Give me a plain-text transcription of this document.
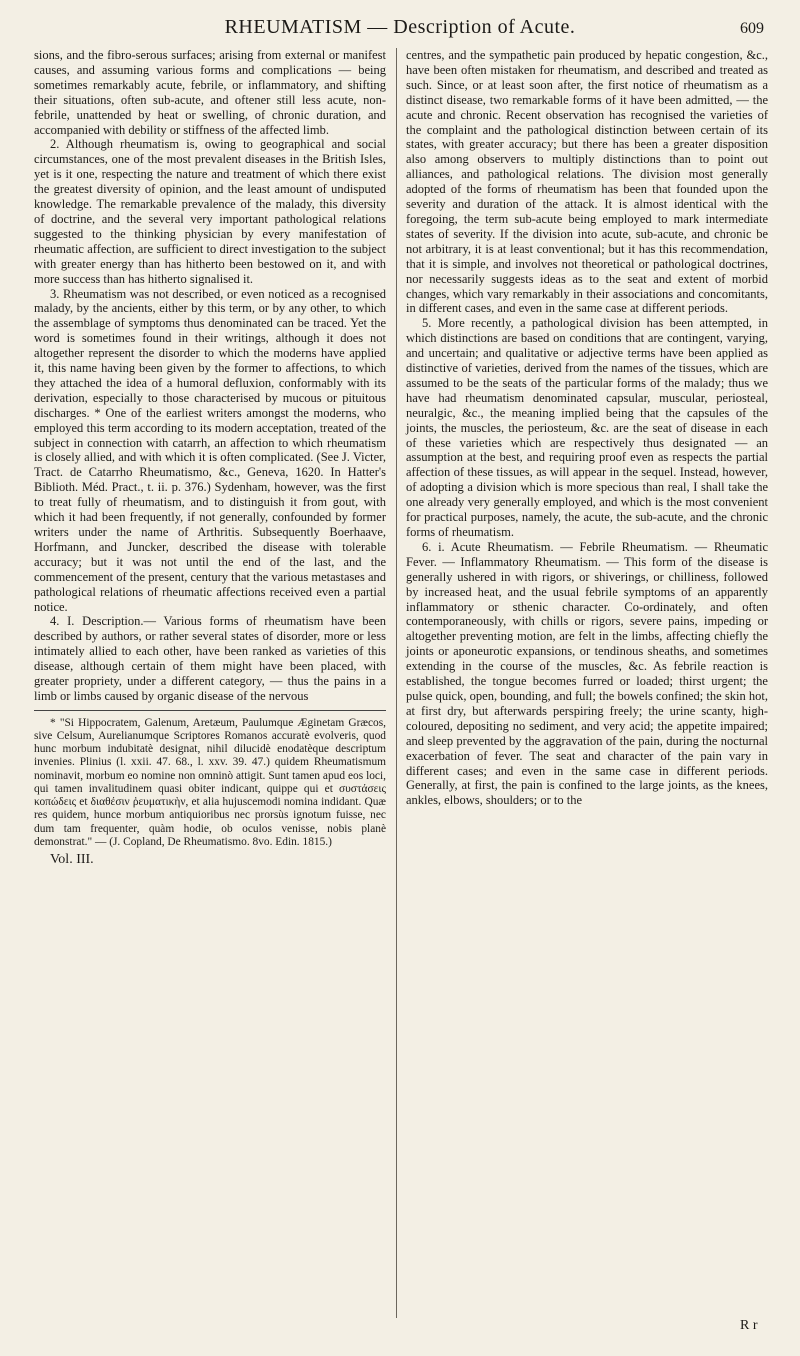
RHEUMATISM — Description of Acute.	609

sions, and the fibro-serous surfaces; arising from external or manifest causes, and assuming various forms and complications — being sometimes remarkably acute, febrile, or inflammatory, and shifting their situations, often sub-acute, and oftener still less acute, non-febrile, unattended by heat or swelling, of chronic duration, and accompanied with debility or stiffness of the affected limb.

2. Although rheumatism is, owing to geographical and social circumstances, one of the most prevalent diseases in the British Isles, yet is it one, respecting the nature and treatment of which there exist the greatest diversity of opinion, and the least amount of undisputed knowledge. The remarkable prevalence of the malady, this diversity of doctrine, and the several very important pathological relations suggested to the thinking physician by every manifestation of rheumatic affection, are sufficient to direct investigation to the subject with greater energy than has hitherto been bestowed on it, and with more success than has hitherto signalised it.

3. Rheumatism was not described, or even noticed as a recognised malady, by the ancients, either by this term, or by any other, to which the assemblage of symptoms thus denominated can be traced. Yet the word is sometimes found in their writings, although it does not altogether represent the disorder to which the moderns have applied it, this name having been given by the former to affections, to which they attached the idea of a humoral defluxion, conformably with its derivation, especially to those characterised by mucous or pituitous discharges. * One of the earliest writers amongst the moderns, who employed this term according to its modern acceptation, treated of the subject in connection with catarrh, an affection to which rheumatism is closely allied, and with which it is often complicated. (See J. Victer, Tract. de Catarrho Rheumatismo, &c., Geneva, 1620. In Hatter's Biblioth. Méd. Pract., t. ii. p. 376.) Sydenham, however, was the first to treat fully of rheumatism, and to distinguish it from gout, with which it had been frequently, if not generally, confounded by former writers under the name of Arthritis. Subsequently Boerhaave, Horfmann, and Juncker, described the disease with tolerable accuracy; but it was not until the end of the last, and the commencement of the present, century that the various metastases and pathological relations of rheumatic affections received even a partial notice.

4. I. Description.— Various forms of rheumatism have been described by authors, or rather several states of disorder, more or less intimately allied to each other, have been ranked as varieties of this disease, although certain of them might have been placed, with greater propriety, under a different category, — thus the pains in a limb or limbs caused by organic disease of the nervous

* "Si Hippocratem, Galenum, Aretæum, Paulumque Æginetam Græcos, sive Celsum, Aurelianumque Scriptores Romanos accuratè evolveris, quod hunc morbum indubitatè designat, nihil dilucidè enodatèque descriptum invenies. Plinius (l. xxii. 47. 68., l. xxv. 39. 47.) quidem Rheumatismum nominavit, morbum eo nomine non omninò attigit. Sunt tamen apud eos loci, qui tamen invalitudinem quasi obiter indicant, quippe qui et συστάσεις κοπώδεις et διαθέσιν ῥευματικὴν, et alia hujuscemodi nomina indidant. Quæ res quidem, hunce morbum antiquioribus nec prorsùs ignotum fuisse, nec dum tam frequenter, quàm hodie, ob oculos venisse, nobis planè demonstrat." — (J. Copland, De Rheumatismo. 8vo. Edin. 1815.)

Vol. III.

centres, and the sympathetic pain produced by hepatic congestion, &c., have been often mistaken for rheumatism, and described and treated as such. Since, or at least soon after, the first notice of rheumatism as a distinct disease, two remarkable forms of it have been admitted, — the acute and chronic. Recent observation has recognised the varieties of the complaint and the pathological distinction between certain of its states, with greater accuracy; but there has been a greater disposition also among observers to multiply distinctions than to point out alliances, and pathological relations. The division most generally adopted of the forms of rheumatism has been that founded upon the severity and duration of the attack. It is almost identical with the foregoing, the term sub-acute being employed to mark intermediate states of severity. If the division into acute, sub-acute, and chronic be not arbitrary, it is at least conventional; but it has this recommendation, that it is simple, and involves not theoretical or pathological doctrines, nor necessarily suggests ideas as to the seat and extent of morbid changes, which vary remarkably in their associations and concomitants, in different cases, and even in the same case at different periods.

5. More recently, a pathological division has been attempted, in which distinctions are based on conditions that are contingent, varying, and uncertain; and qualitative or adjective terms have been applied as distinctive of varieties, derived from the names of the tissues, which are assumed to be the seats of the particular forms of the malady; thus we have had rheumatism denominated capsular, muscular, periosteal, neuralgic, &c., the meaning implied being that the capsules of the joints, the muscles, the periosteum, &c. are the seat of disease in each of these varieties which are respectively thus designated — an assumption at the best, and requiring proof even as respects the partial affection of these tissues, as will appear in the sequel. Instead, however, of adopting a division which is more specious than real, I shall take the one already very generally employed, and which is the most convenient for practical purposes, namely, the acute, the sub-acute, and the chronic forms of rheumatism.

6. i. Acute Rheumatism. — Febrile Rheumatism. — Rheumatic Fever. — Inflammatory Rheumatism. — This form of the disease is generally ushered in with rigors, or shiverings, or chilliness, followed by increased heat, and the usual febrile symptoms of an apparently inflammatory or sthenic character. Co-ordinately, and often contemporaneously, with chills or rigors, severe pains, impeding or altogether preventing motion, are felt in the limbs, affecting chiefly the joints or aponeurotic expansions, or tendinous sheaths, and sometimes extending in the course of the muscles, &c. As febrile reaction is established, the tongue becomes furred or loaded; thirst urgent; the pulse quick, open, bounding, and full; the bowels confined; the skin hot, at first dry, but afterwards perspiring freely; the urine scanty, high-coloured, depositing no sediment, and very acid; the appetite impaired; and sleep prevented by the aggravation of the pain, during the nocturnal exacerbation of fever. The seat and character of the pain vary in different cases; and even in the same case in different periods. Generally, at first, the pain is confined to the large joints, as the knees, ankles, elbows, shoulders; or to the

R r
